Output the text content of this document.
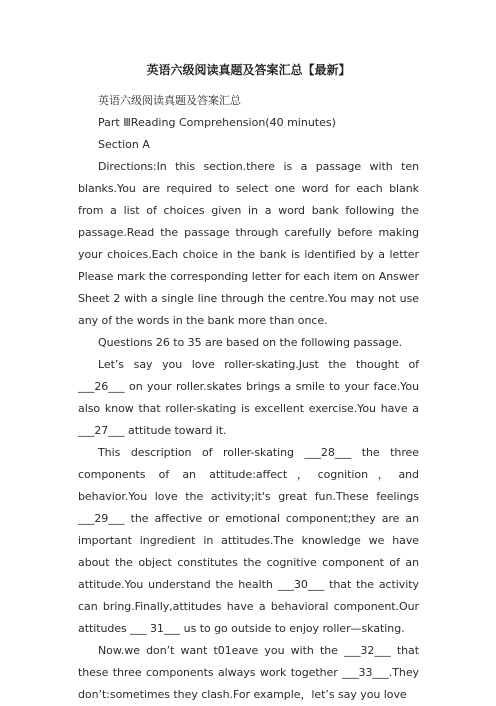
英语六级阅读真题及答案汇总【最新】

英语六级阅读真题及答案汇总

Part ⅢReading Comprehension(40 minutes)

Section A

Directions:In this section.there is a passage with ten blanks.You are required to select one word for each blank from a list of choices given in a word bank following the passage.Read the passage through carefully before making your choices.Each choice in the bank is identified by a letter Please mark the corresponding letter for each item on Answer Sheet 2 with a single line through the centre.You may not use any of the words in the bank more than once.

Questions 26 to 35 are based on the following passage.

Let’s say you love roller-skating.Just the thought of ___26___ on your roller.skates brings a smile to your face.You also know that roller-skating is excellent exercise.You have a ___27___ attitude toward it.

This description of roller-skating ___28___ the three components of an attitude:affect，cognition，and behavior.You love the activity;it's great fun.These feelings ___29___ the affective or emotional component;they are an important ingredient in attitudes.The knowledge we have about the object constitutes the cognitive component of an attitude.You understand the health ___30___ that the activity can bring.Finally,attitudes have a behavioral component.Our attitudes ___ 31___ us to go outside to enjoy roller—skating.

Now.we don’t want t01eave you with the ___32___ that these three components always work together ___33___.They don’t:sometimes they clash.For example，let’s say you love
